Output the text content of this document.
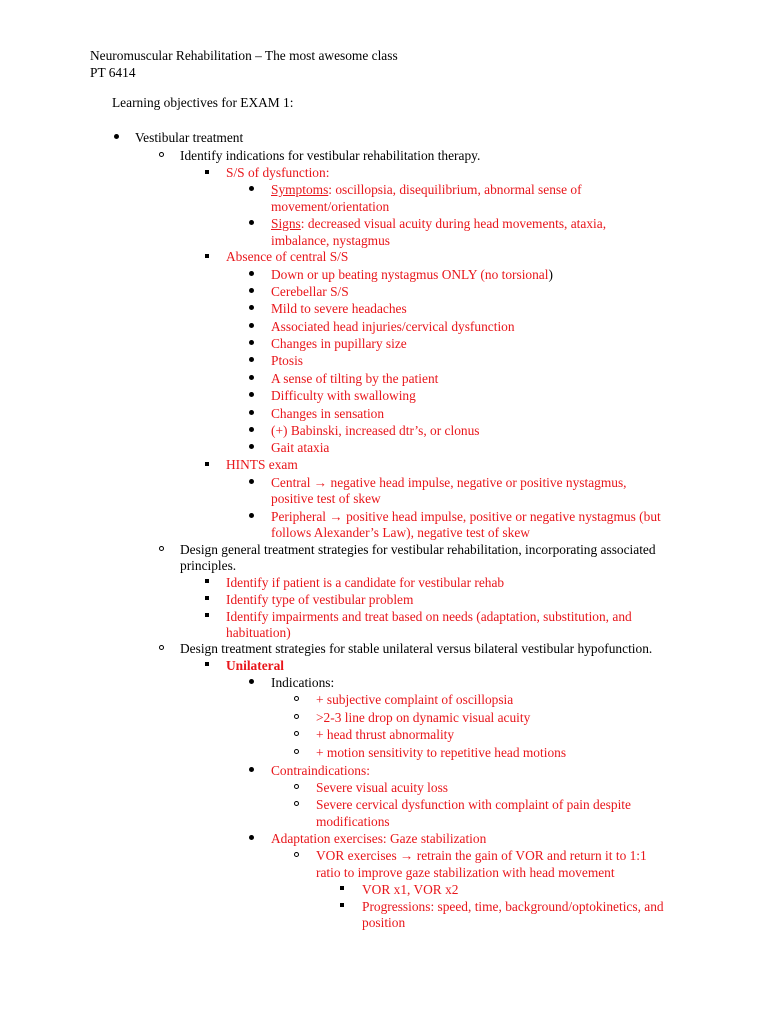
Neuromuscular Rehabilitation – The most awesome class
PT 6414
Learning objectives for EXAM 1:
Vestibular treatment
Identify indications for vestibular rehabilitation therapy.
S/S of dysfunction:
Symptoms: oscillopsia, disequilibrium, abnormal sense of
movement/orientation
Signs: decreased visual acuity during head movements, ataxia,
imbalance, nystagmus
Absence of central S/S
Down or up beating nystagmus ONLY (no torsional)
Cerebellar S/S
Mild to severe headaches
Associated head injuries/cervical dysfunction
Changes in pupillary size
Ptosis
A sense of tilting by the patient
Difficulty with swallowing
Changes in sensation
(+) Babinski, increased dtr’s, or clonus
Gait ataxia
HINTS exam
Central → negative head impulse, negative or positive nystagmus,
positive test of skew
Peripheral → positive head impulse, positive or negative nystagmus (but
follows Alexander’s Law), negative test of skew
Design general treatment strategies for vestibular rehabilitation, incorporating associated
principles.
Identify if patient is a candidate for vestibular rehab
Identify type of vestibular problem
Identify impairments and treat based on needs (adaptation, substitution, and
habituation)
Design treatment strategies for stable unilateral versus bilateral vestibular hypofunction.
Unilateral
Indications:
+ subjective complaint of oscillopsia
>2-3 line drop on dynamic visual acuity
+ head thrust abnormality
+ motion sensitivity to repetitive head motions
Contraindications:
Severe visual acuity loss
Severe cervical dysfunction with complaint of pain despite
modifications
Adaptation exercises: Gaze stabilization
VOR exercises → retrain the gain of VOR and return it to 1:1
ratio to improve gaze stabilization with head movement
VOR x1, VOR x2
Progressions: speed, time, background/optokinetics, and
position
